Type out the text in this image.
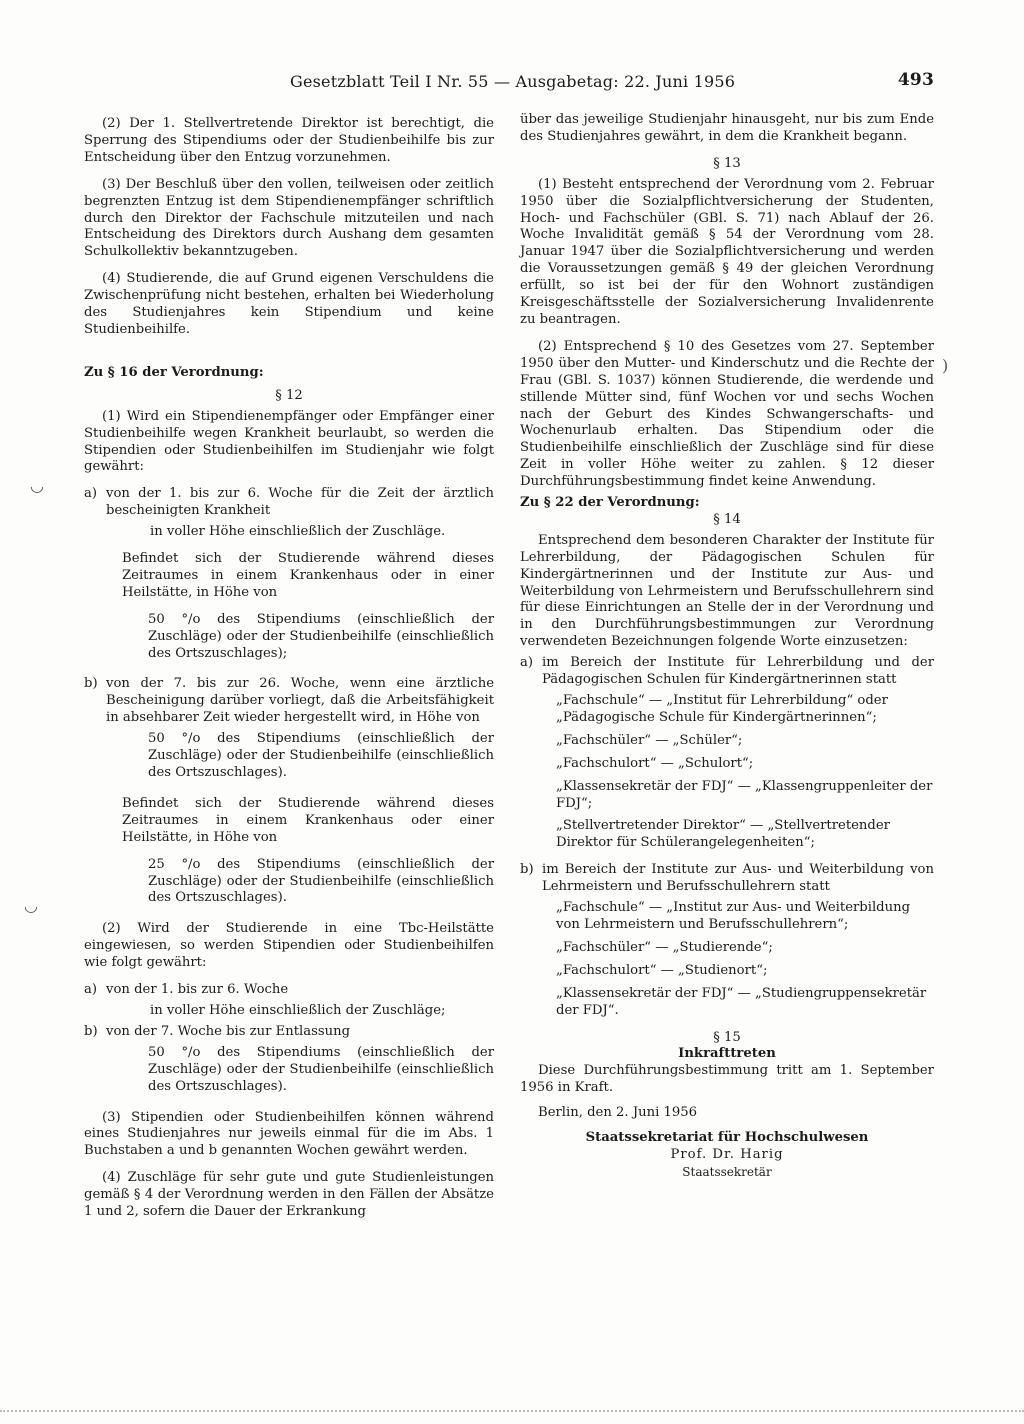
Gesetzblatt Teil I Nr. 55 — Ausgabetag: 22. Juni 1956	493

(2) Der 1. Stellvertretende Direktor ist berechtigt, die Sperrung des Stipendiums oder der Studienbeihilfe bis zur Entscheidung über den Entzug vorzunehmen.

(3) Der Beschluß über den vollen, teilweisen oder zeitlich begrenzten Entzug ist dem Stipendienempfänger schriftlich durch den Direktor der Fachschule mitzuteilen und nach Entscheidung des Direktors durch Aushang dem gesamten Schulkollektiv bekanntzugeben.

(4) Studierende, die auf Grund eigenen Verschuldens die Zwischenprüfung nicht bestehen, erhalten bei Wiederholung des Studienjahres kein Stipendium und keine Studienbeihilfe.

Zu § 16 der Verordnung:
§ 12

(1) Wird ein Stipendienempfänger oder Empfänger einer Studienbeihilfe wegen Krankheit beurlaubt, so werden die Stipendien oder Studienbeihilfen im Studienjahr wie folgt gewährt:

a) von der 1. bis zur 6. Woche für die Zeit der ärztlich bescheinigten Krankheit
in voller Höhe einschließlich der Zuschläge.
Befindet sich der Studierende während dieses Zeitraumes in einem Krankenhaus oder in einer Heilstätte, in Höhe von
50 °/o des Stipendiums (einschließlich der Zuschläge) oder der Studienbeihilfe (einschließlich des Ortszuschlages);
b) von der 7. bis zur 26. Woche, wenn eine ärztliche Bescheinigung darüber vorliegt, daß die Arbeitsfähigkeit in absehbarer Zeit wieder hergestellt wird, in Höhe von
50 °/o des Stipendiums (einschließlich der Zuschläge) oder der Studienbeihilfe (einschließlich des Ortszuschlages).
Befindet sich der Studierende während dieses Zeitraumes in einem Krankenhaus oder einer Heilstätte, in Höhe von
25 °/o des Stipendiums (einschließlich der Zuschläge) oder der Studienbeihilfe (einschließlich des Ortszuschlages).

(2) Wird der Studierende in eine Tbc-Heilstätte eingewiesen, so werden Stipendien oder Studienbeihilfen wie folgt gewährt:

a) von der 1. bis zur 6. Woche
in voller Höhe einschließlich der Zuschläge;
b) von der 7. Woche bis zur Entlassung
50 °/o des Stipendiums (einschließlich der Zuschläge) oder der Studienbeihilfe (einschließlich des Ortszuschlages).

(3) Stipendien oder Studienbeihilfen können während eines Studienjahres nur jeweils einmal für die im Abs. 1 Buchstaben a und b genannten Wochen gewährt werden.

(4) Zuschläge für sehr gute und gute Studienleistungen gemäß § 4 der Verordnung werden in den Fällen der Absätze 1 und 2, sofern die Dauer der Erkrankung

über das jeweilige Studienjahr hinausgeht, nur bis zum Ende des Studienjahres gewährt, in dem die Krankheit begann.

§ 13

(1) Besteht entsprechend der Verordnung vom 2. Februar 1950 über die Sozialpflichtversicherung der Studenten, Hoch- und Fachschüler (GBl. S. 71) nach Ablauf der 26. Woche Invalidität gemäß § 54 der Verordnung vom 28. Januar 1947 über die Sozialpflichtversicherung und werden die Voraussetzungen gemäß § 49 der gleichen Verordnung erfüllt, so ist bei der für den Wohnort zuständigen Kreisgeschäftsstelle der Sozialversicherung Invalidenrente zu beantragen.

(2) Entsprechend § 10 des Gesetzes vom 27. September 1950 über den Mutter- und Kinderschutz und die Rechte der Frau (GBl. S. 1037) können Studierende, die werdende und stillende Mütter sind, fünf Wochen vor und sechs Wochen nach der Geburt des Kindes Schwangerschafts- und Wochenurlaub erhalten. Das Stipendium oder die Studienbeihilfe einschließlich der Zuschläge sind für diese Zeit in voller Höhe weiter zu zahlen. § 12 dieser Durchführungsbestimmung findet keine Anwendung.

Zu § 22 der Verordnung:
§ 14

Entsprechend dem besonderen Charakter der Institute für Lehrerbildung, der Pädagogischen Schulen für Kindergärtnerinnen und der Institute zur Aus- und Weiterbildung von Lehrmeistern und Berufsschullehrern sind für diese Einrichtungen an Stelle der in der Verordnung und in den Durchführungsbestimmungen zur Verordnung verwendeten Bezeichnungen folgende Worte einzusetzen:

a) im Bereich der Institute für Lehrerbildung und der Pädagogischen Schulen für Kindergärtnerinnen statt
„Fachschule“ — „Institut für Lehrerbildung“ oder „Pädagogische Schule für Kindergärtnerinnen“;
„Fachschüler“ — „Schüler“;
„Fachschulort“ — „Schulort“;
„Klassensekretär der FDJ“ — „Klassengruppenleiter der FDJ“;
„Stellvertretender Direktor“ — „Stellvertretender Direktor für Schülerangelegenheiten“;
b) im Bereich der Institute zur Aus- und Weiterbildung von Lehrmeistern und Berufsschullehrern statt
„Fachschule“ — „Institut zur Aus- und Weiterbildung von Lehrmeistern und Berufsschullehrern“;
„Fachschüler“ — „Studierende“;
„Fachschulort“ — „Studienort“;
„Klassensekretär der FDJ“ — „Studiengruppensekretär der FDJ“.
§ 15
Inkrafttreten

Diese Durchführungsbestimmung tritt am 1. September 1956 in Kraft.

Berlin, den 2. Juni 1956

Staatssekretariat für Hochschulwesen

Prof. Dr. Harig

Staatssekretär

◡
◡
)
